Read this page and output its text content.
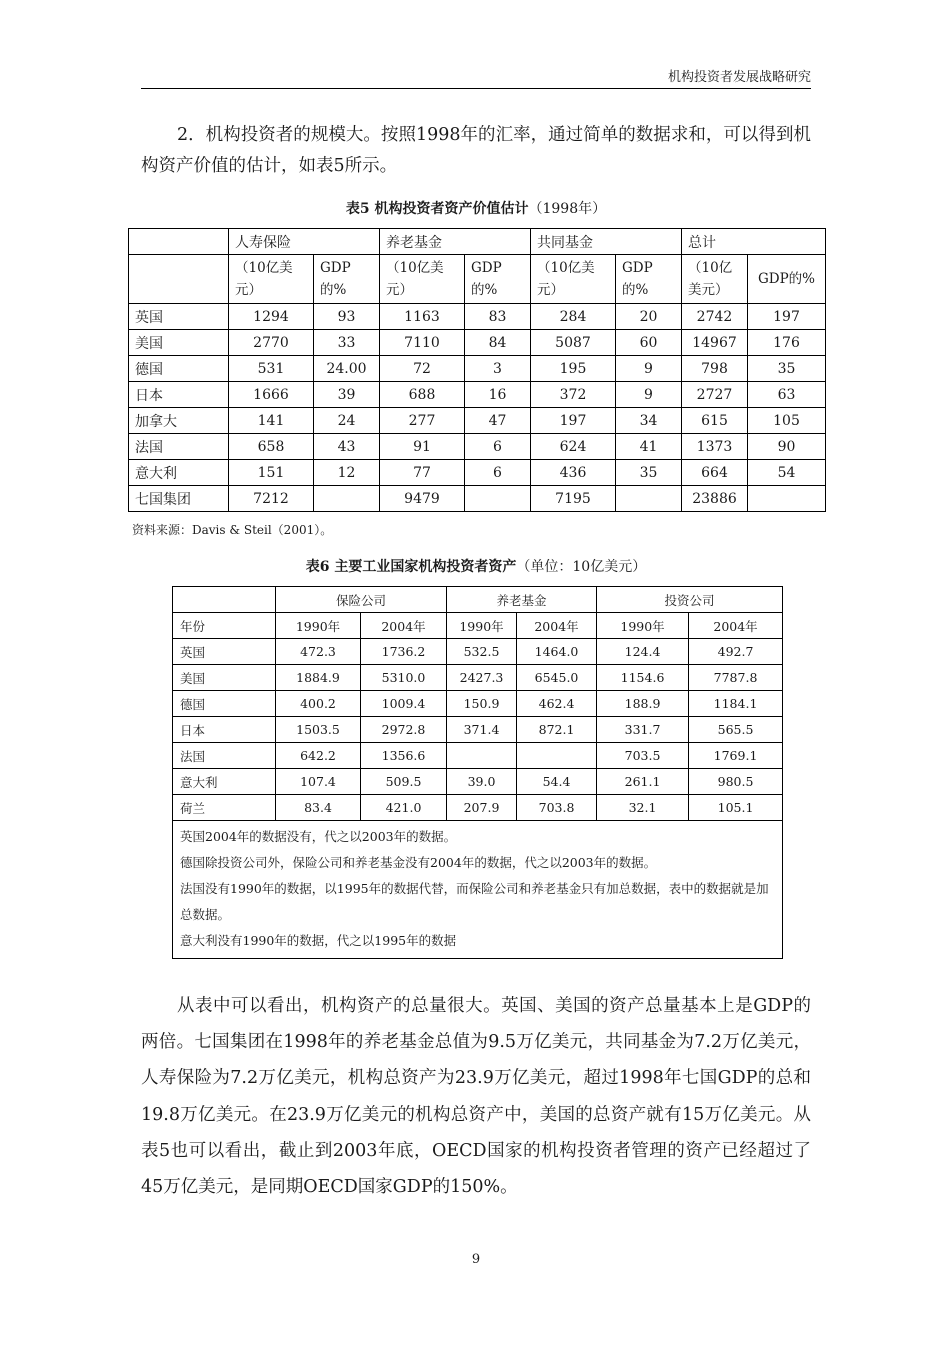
机构投资者发展战略研究
2．机构投资者的规模大。按照1998年的汇率，通过简单的数据求和，可以得到机构资产价值的估计，如表5所示。
表5 机构投资者资产价值估计（1998年）
	人寿保险		养老基金		共同基金		总计	
	（10亿美元）	GDP的%	（10亿美元）	GDP的%	（10亿美元）	GDP的%	（10亿美元）	GDP的%
英国	1294	93	1163	83	284	20	2742	197
美国	2770	33	7110	84	5087	60	14967	176
德国	531	24.00	72	3	195	9	798	35
日本	1666	39	688	16	372	9	2727	63
加拿大	141	24	277	47	197	34	615	105
法国	658	43	91	6	624	41	1373	90
意大利	151	12	77	6	436	35	664	54
七国集团	7212		9479		7195		23886	
资料来源：Davis & Steil（2001）。
表6 主要工业国家机构投资者资产（单位：10亿美元）
	保险公司		养老基金		投资公司	
年份	1990年	2004年	1990年	2004年	1990年	2004年
英国	472.3	1736.2	532.5	1464.0	124.4	492.7
美国	1884.9	5310.0	2427.3	6545.0	1154.6	7787.8
德国	400.2	1009.4	150.9	462.4	188.9	1184.1
日本	1503.5	2972.8	371.4	872.1	331.7	565.5
法国	642.2	1356.6			703.5	1769.1
意大利	107.4	509.5	39.0	54.4	261.1	980.5
荷兰	83.4	421.0	207.9	703.8	32.1	105.1

英国2004年的数据没有，代之以2003年的数据。
德国除投资公司外，保险公司和养老基金没有2004年的数据，代之以2003年的数据。
法国没有1990年的数据，以1995年的数据代替，而保险公司和养老基金只有加总数据，表中的数据就是加总数据。
意大利没有1990年的数据，代之以1995年的数据						
从表中可以看出，机构资产的总量很大。英国、美国的资产总量基本上是GDP的两倍。七国集团在1998年的养老基金总值为9.5万亿美元，共同基金为7.2万亿美元，人寿保险为7.2万亿美元，机构总资产为23.9万亿美元，超过1998年七国GDP的总和19.8万亿美元。在23.9万亿美元的机构总资产中，美国的总资产就有15万亿美元。从表5也可以看出，截止到2003年底，OECD国家的机构投资者管理的资产已经超过了45万亿美元，是同期OECD国家GDP的150%。
9
